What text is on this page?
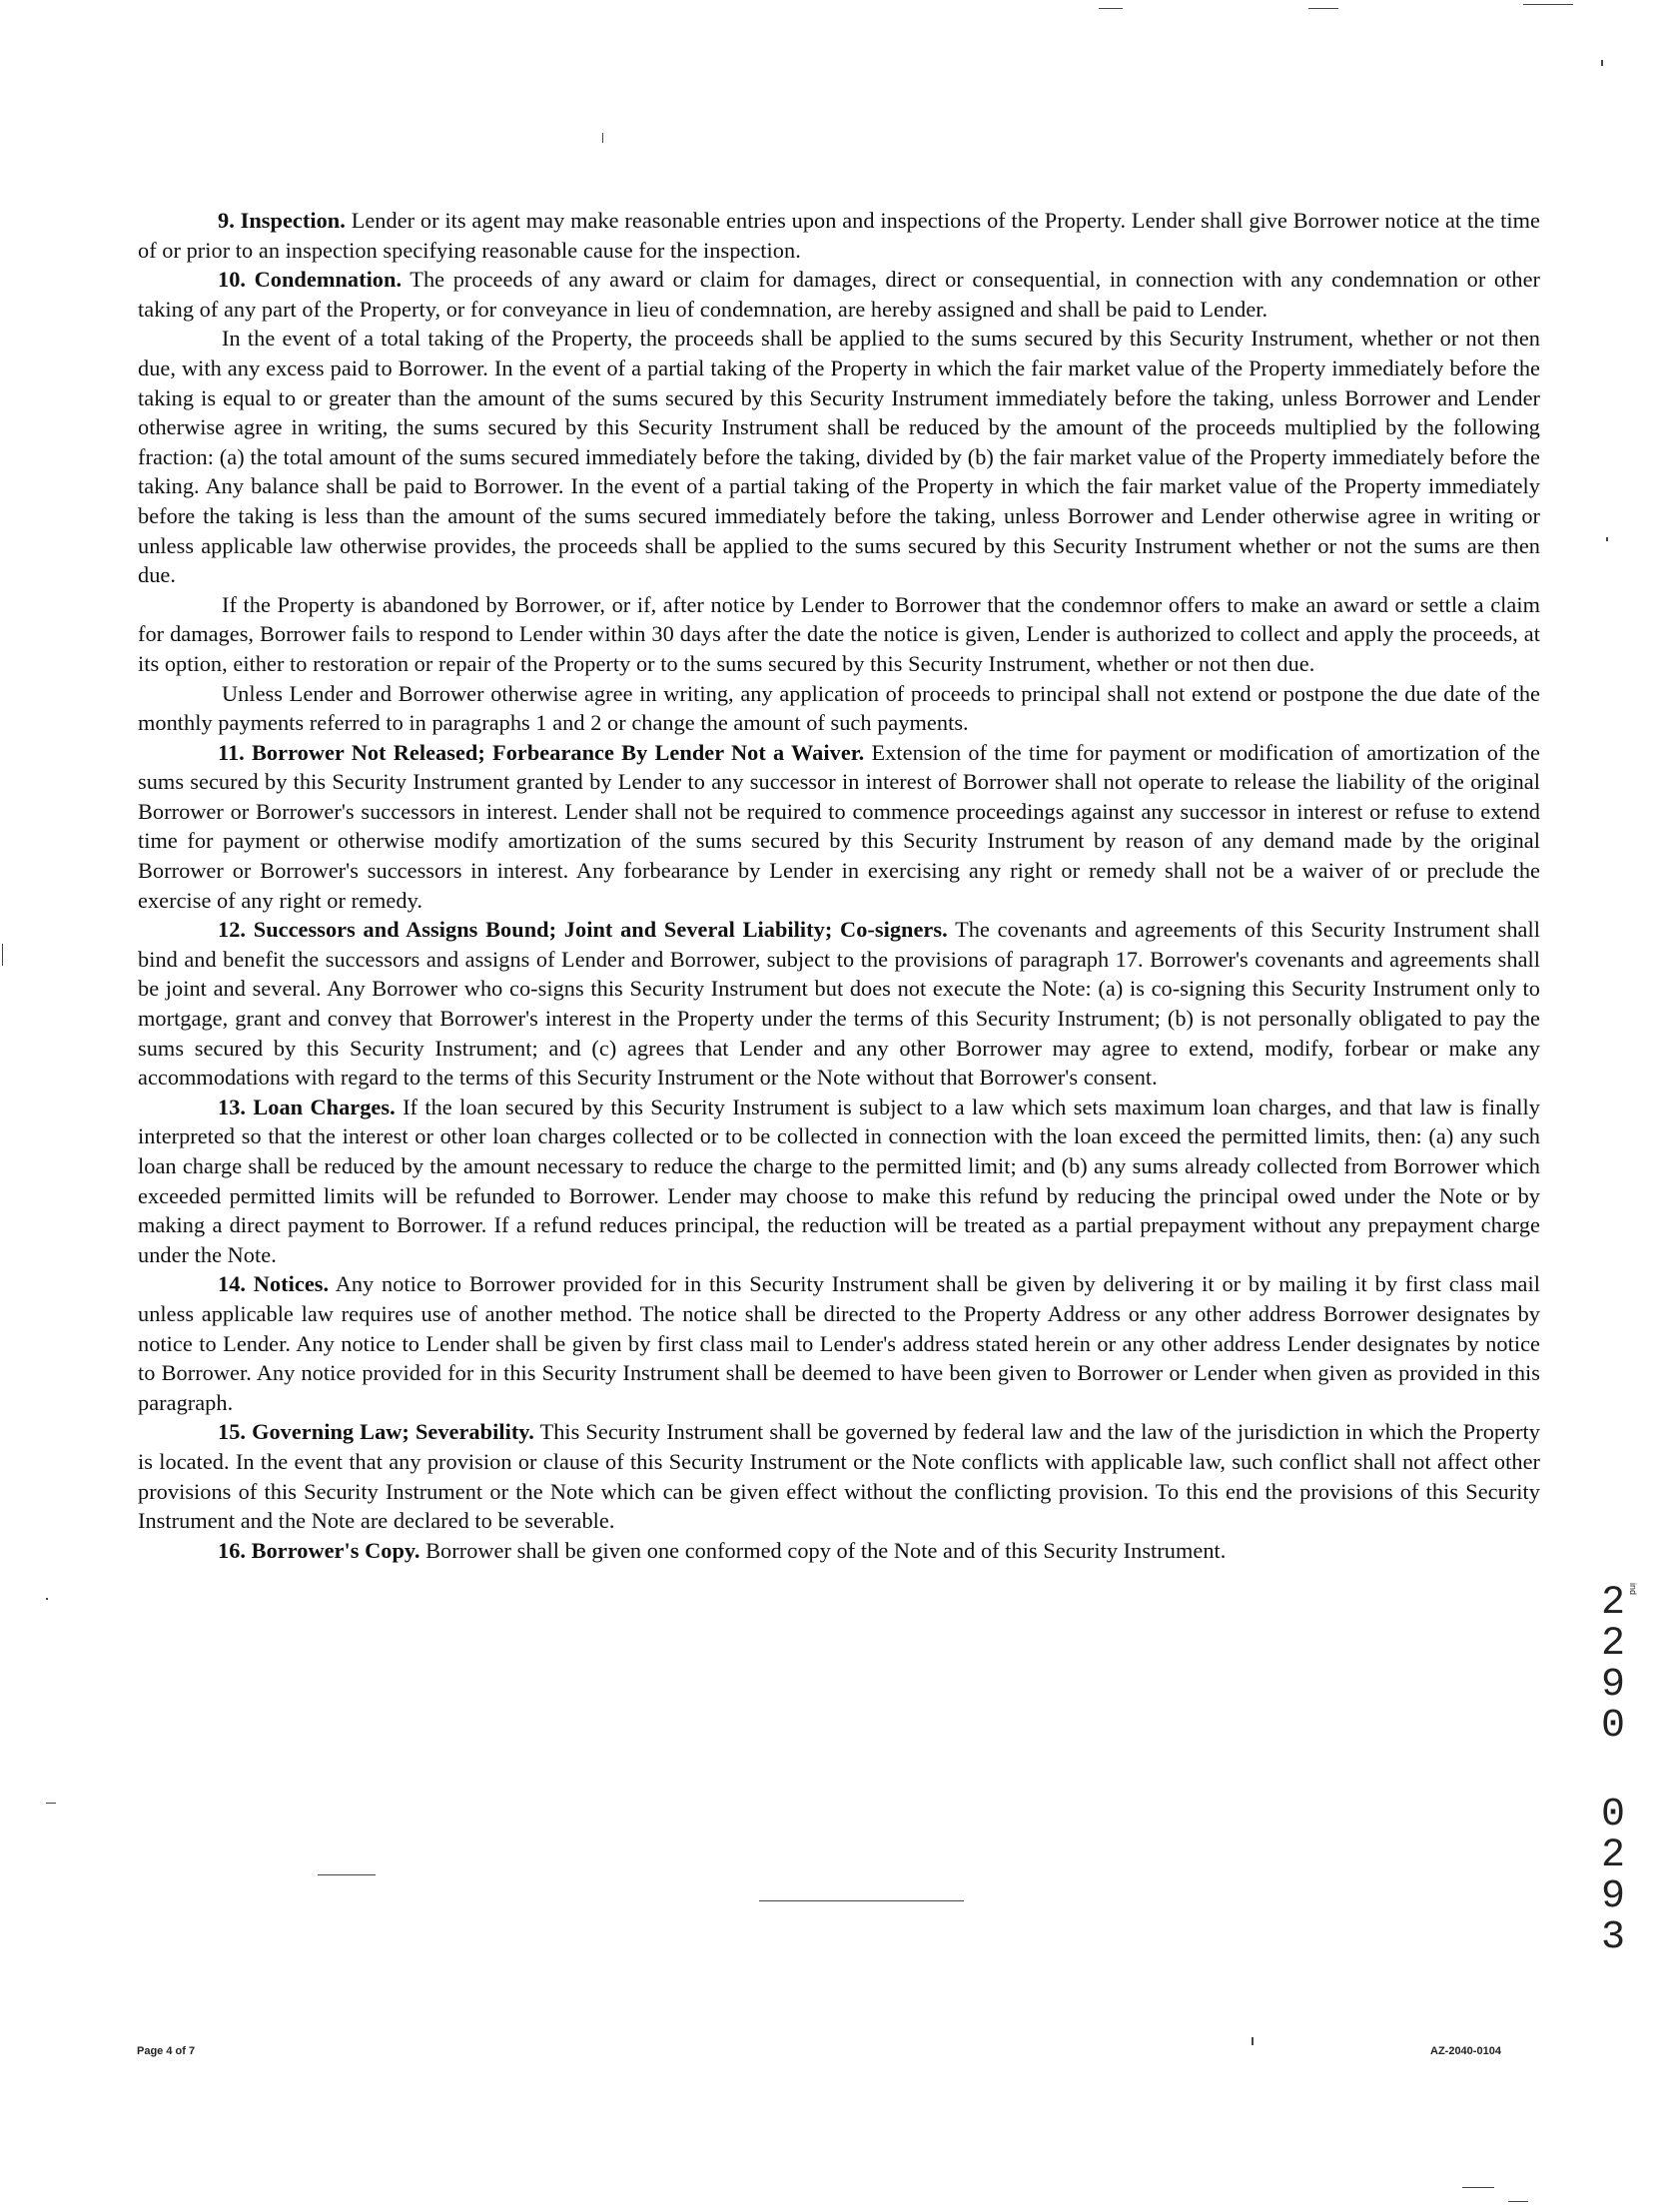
9. Inspection. Lender or its agent may make reasonable entries upon and inspections of the Property. Lender shall give Borrower notice at the time of or prior to an inspection specifying reasonable cause for the inspection.

10. Condemnation. The proceeds of any award or claim for damages, direct or consequential, in connection with any condemnation or other taking of any part of the Property, or for conveyance in lieu of condemnation, are hereby assigned and shall be paid to Lender.

In the event of a total taking of the Property, the proceeds shall be applied to the sums secured by this Security Instrument, whether or not then due, with any excess paid to Borrower. In the event of a partial taking of the Property in which the fair market value of the Property immediately before the taking is equal to or greater than the amount of the sums secured by this Security Instrument immediately before the taking, unless Borrower and Lender otherwise agree in writing, the sums secured by this Security Instrument shall be reduced by the amount of the proceeds multiplied by the following fraction: (a) the total amount of the sums secured immediately before the taking, divided by (b) the fair market value of the Property immediately before the taking. Any balance shall be paid to Borrower. In the event of a partial taking of the Property in which the fair market value of the Property immediately before the taking is less than the amount of the sums secured immediately before the taking, unless Borrower and Lender otherwise agree in writing or unless applicable law otherwise provides, the proceeds shall be applied to the sums secured by this Security Instrument whether or not the sums are then due.

If the Property is abandoned by Borrower, or if, after notice by Lender to Borrower that the condemnor offers to make an award or settle a claim for damages, Borrower fails to respond to Lender within 30 days after the date the notice is given, Lender is authorized to collect and apply the proceeds, at its option, either to restoration or repair of the Property or to the sums secured by this Security Instrument, whether or not then due.

Unless Lender and Borrower otherwise agree in writing, any application of proceeds to principal shall not extend or postpone the due date of the monthly payments referred to in paragraphs 1 and 2 or change the amount of such payments.

11. Borrower Not Released; Forbearance By Lender Not a Waiver. Extension of the time for payment or modification of amortization of the sums secured by this Security Instrument granted by Lender to any successor in interest of Borrower shall not operate to release the liability of the original Borrower or Borrower's successors in interest. Lender shall not be required to commence proceedings against any successor in interest or refuse to extend time for payment or otherwise modify amortization of the sums secured by this Security Instrument by reason of any demand made by the original Borrower or Borrower's successors in interest. Any forbearance by Lender in exercising any right or remedy shall not be a waiver of or preclude the exercise of any right or remedy.

12. Successors and Assigns Bound; Joint and Several Liability; Co-signers. The covenants and agreements of this Security Instrument shall bind and benefit the successors and assigns of Lender and Borrower, subject to the provisions of paragraph 17. Borrower's covenants and agreements shall be joint and several. Any Borrower who co-signs this Security Instrument but does not execute the Note: (a) is co-signing this Security Instrument only to mortgage, grant and convey that Borrower's interest in the Property under the terms of this Security Instrument; (b) is not personally obligated to pay the sums secured by this Security Instrument; and (c) agrees that Lender and any other Borrower may agree to extend, modify, forbear or make any accommodations with regard to the terms of this Security Instrument or the Note without that Borrower's consent.

13. Loan Charges. If the loan secured by this Security Instrument is subject to a law which sets maximum loan charges, and that law is finally interpreted so that the interest or other loan charges collected or to be collected in connection with the loan exceed the permitted limits, then: (a) any such loan charge shall be reduced by the amount necessary to reduce the charge to the permitted limit; and (b) any sums already collected from Borrower which exceeded permitted limits will be refunded to Borrower. Lender may choose to make this refund by reducing the principal owed under the Note or by making a direct payment to Borrower. If a refund reduces principal, the reduction will be treated as a partial prepayment without any prepayment charge under the Note.

14. Notices. Any notice to Borrower provided for in this Security Instrument shall be given by delivering it or by mailing it by first class mail unless applicable law requires use of another method. The notice shall be directed to the Property Address or any other address Borrower designates by notice to Lender. Any notice to Lender shall be given by first class mail to Lender's address stated herein or any other address Lender designates by notice to Borrower. Any notice provided for in this Security Instrument shall be deemed to have been given to Borrower or Lender when given as provided in this paragraph.

15. Governing Law; Severability. This Security Instrument shall be governed by federal law and the law of the jurisdiction in which the Property is located. In the event that any provision or clause of this Security Instrument or the Note conflicts with applicable law, such conflict shall not affect other provisions of this Security Instrument or the Note which can be given effect without the conflicting provision. To this end the provisions of this Security Instrument and the Note are declared to be severable.

16. Borrower's Copy. Borrower shall be given one conformed copy of the Note and of this Security Instrument.

ind
2
2
9
0
0
2
9
3
Page 4 of 7	AZ-2040-0104
